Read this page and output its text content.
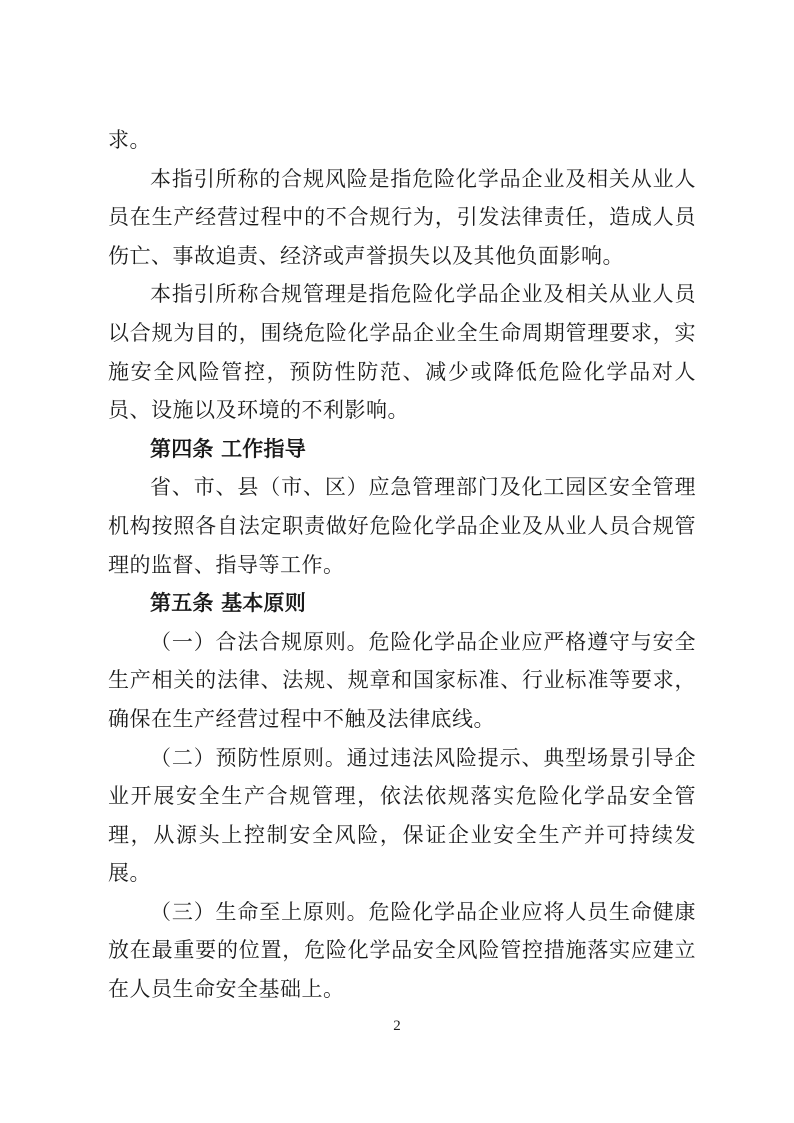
求。

本指引所称的合规风险是指危险化学品企业及相关从业人员在生产经营过程中的不合规行为，引发法律责任，造成人员伤亡、事故追责、经济或声誉损失以及其他负面影响。

本指引所称合规管理是指危险化学品企业及相关从业人员以合规为目的，围绕危险化学品企业全生命周期管理要求，实施安全风险管控，预防性防范、减少或降低危险化学品对人员、设施以及环境的不利影响。

第四条 工作指导

省、市、县（市、区）应急管理部门及化工园区安全管理机构按照各自法定职责做好危险化学品企业及从业人员合规管理的监督、指导等工作。

第五条 基本原则

（一）合法合规原则。危险化学品企业应严格遵守与安全生产相关的法律、法规、规章和国家标准、行业标准等要求，确保在生产经营过程中不触及法律底线。

（二）预防性原则。通过违法风险提示、典型场景引导企业开展安全生产合规管理，依法依规落实危险化学品安全管理，从源头上控制安全风险，保证企业安全生产并可持续发展。

（三）生命至上原则。危险化学品企业应将人员生命健康放在最重要的位置，危险化学品安全风险管控措施落实应建立在人员生命安全基础上。

2
